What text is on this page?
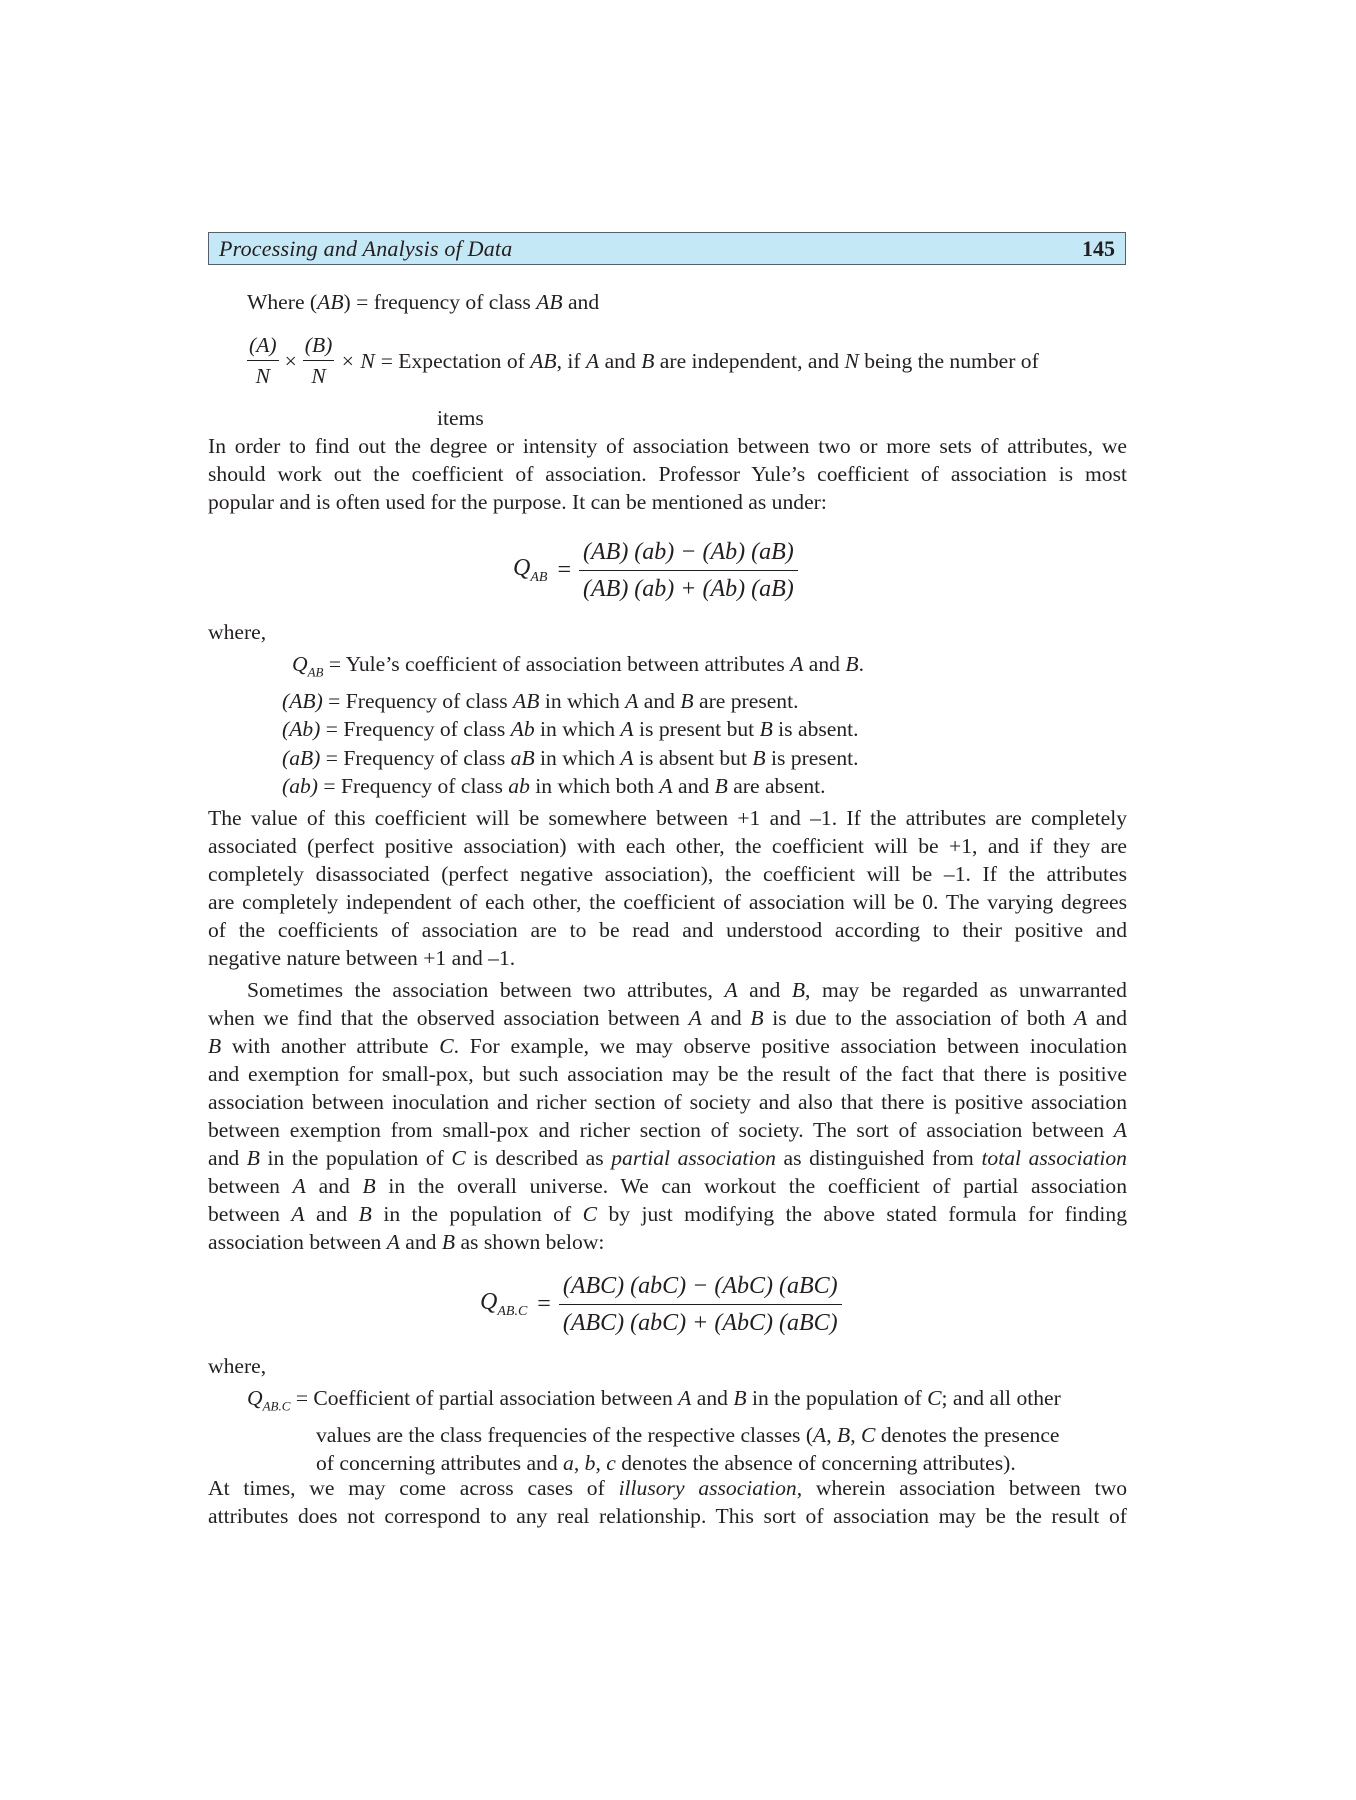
Processing and Analysis of Data	145
Where (AB) = frequency of class AB and
$\frac{(A)}{N} \times \frac{(B)}{N} \times N$ = Expectation of AB, if A and B are independent, and N being the number of
items
In order to find out the degree or intensity of association between two or more sets of attributes, we
should work out the coefficient of association. Professor Yule’s coefficient of association is most
popular and is often used for the purpose. It can be mentioned as under:
$Q_{AB} = \frac{(AB) (ab) - (Ab) (aB)}{(AB) (ab) + (Ab) (aB)}$
where,
$Q_{AB}$ = Yule’s coefficient of association between attributes A and B.
(AB) = Frequency of class AB in which A and B are present.
(Ab) = Frequency of class Ab in which A is present but B is absent.
(aB) = Frequency of class aB in which A is absent but B is present.
(ab) = Frequency of class ab in which both A and B are absent.
The value of this coefficient will be somewhere between +1 and –1. If the attributes are completely
associated (perfect positive association) with each other, the coefficient will be +1, and if they are
completely disassociated (perfect negative association), the coefficient will be –1. If the attributes
are completely independent of each other, the coefficient of association will be 0. The varying degrees
of the coefficients of association are to be read and understood according to their positive and
negative nature between +1 and –1.
Sometimes the association between two attributes, A and B, may be regarded as unwarranted
when we find that the observed association between A and B is due to the association of both A and
B with another attribute C. For example, we may observe positive association between inoculation
and exemption for small-pox, but such association may be the result of the fact that there is positive
association between inoculation and richer section of society and also that there is positive association
between exemption from small-pox and richer section of society. The sort of association between A
and B in the population of C is described as partial association as distinguished from total association
between A and B in the overall universe. We can workout the coefficient of partial association
between A and B in the population of C by just modifying the above stated formula for finding
association between A and B as shown below:
$Q_{AB.C} = \frac{\text{(ABC) (abC) − (AbC) (aBC)}}{\text{(ABC) (abC) + (AbC) (aBC)}}$
where,
$Q_{AB.C}$ = Coefficient of partial association between A and B in the population of C; and all other
values are the class frequencies of the respective classes (A, B, C denotes the presence
of concerning attributes and a, b, c denotes the absence of concerning attributes).
At times, we may come across cases of illusory association, wherein association between two
attributes does not correspond to any real relationship. This sort of association may be the result of
